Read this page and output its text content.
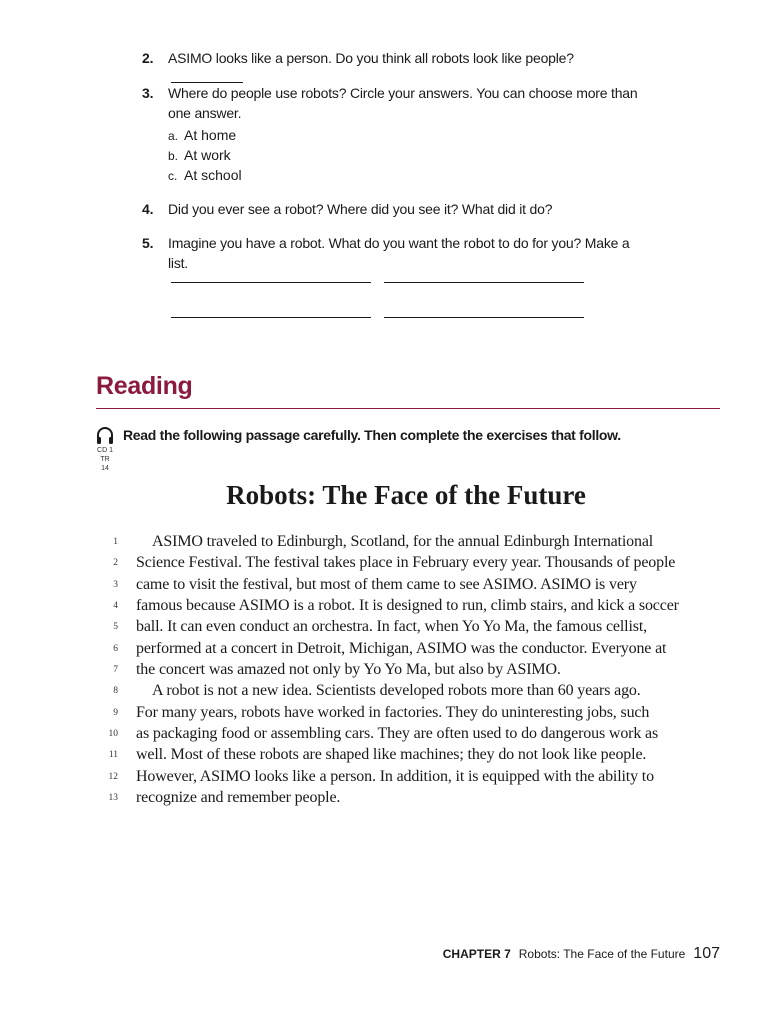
2. ASIMO looks like a person. Do you think all robots look like people?
3. Where do people use robots? Circle your answers. You can choose more than one answer.
a. At home
b. At work
c. At school
4. Did you ever see a robot? Where did you see it? What did it do?
5. Imagine you have a robot. What do you want the robot to do for you? Make a list.
Reading
CD 1
TR 14
Read the following passage carefully. Then complete the exercises that follow.
Robots: The Face of the Future
1 ASIMO traveled to Edinburgh, Scotland, for the annual Edinburgh International
2 Science Festival. The festival takes place in February every year. Thousands of people
3 came to visit the festival, but most of them came to see ASIMO. ASIMO is very
4 famous because ASIMO is a robot. It is designed to run, climb stairs, and kick a soccer
5 ball. It can even conduct an orchestra. In fact, when Yo Yo Ma, the famous cellist,
6 performed at a concert in Detroit, Michigan, ASIMO was the conductor. Everyone at
7 the concert was amazed not only by Yo Yo Ma, but also by ASIMO.
8 A robot is not a new idea. Scientists developed robots more than 60 years ago.
9 For many years, robots have worked in factories. They do uninteresting jobs, such
10 as packaging food or assembling cars. They are often used to do dangerous work as
11 well. Most of these robots are shaped like machines; they do not look like people.
12 However, ASIMO looks like a person. In addition, it is equipped with the ability to
13 recognize and remember people.
CHAPTER 7 Robots: The Face of the Future 107
